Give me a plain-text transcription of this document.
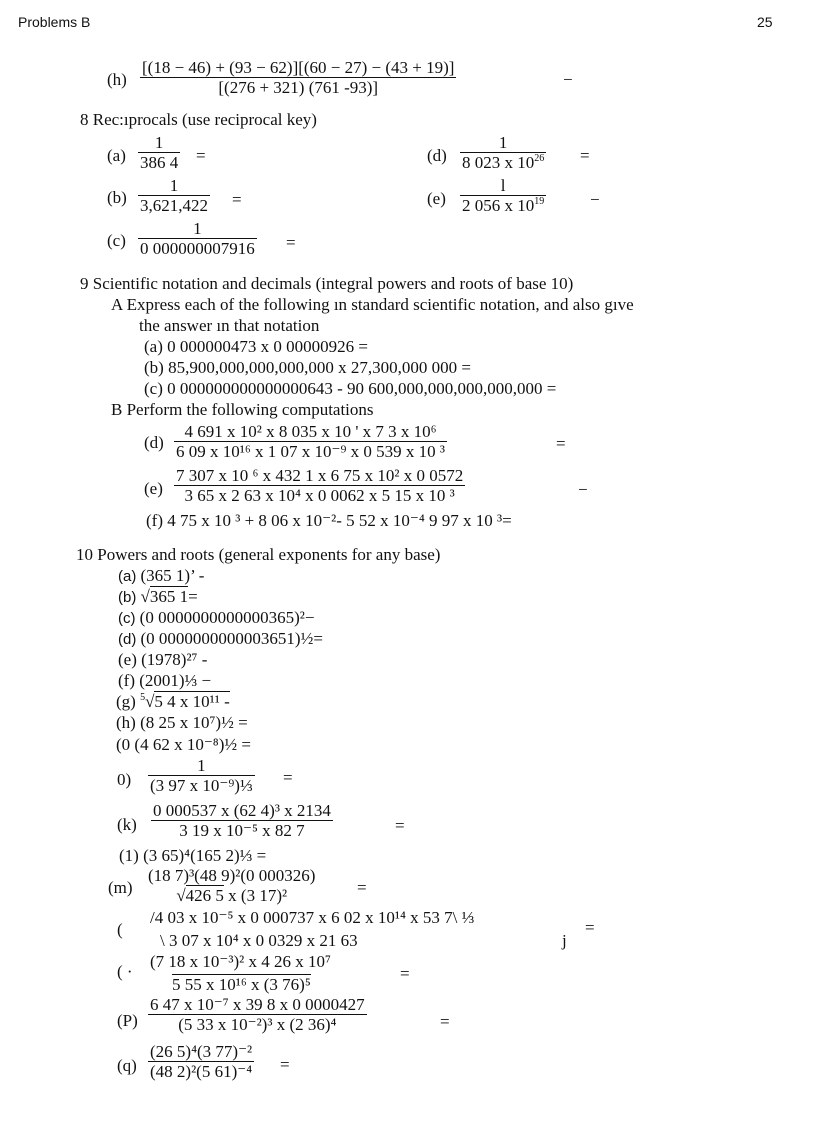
Problems B	25
(h)
[(18 − 46) + (93 − 62)][(60 − 27) − (43 + 19)]
[(276 + 321) (761 -93)]	−
8 Rec:ıprocals (use reciprocal key)
(a)
1
386 4 =
(b)
1
3,621,422 =
(c)
1
0 000000007916 =
(d)
1
8 023 x $10^{26}$ =
(e)
l
2 056 x $10^{19}$	−
9 Scientific notation and decimals (integral powers and roots of base 10)
A Express each of the following ın standard scientific notation, and also gıve
the answer ın that notation
(a) 0 000000473 x 0 00000926 =
(b) 85,900,000,000,000,000 x 27,300,000 000 =
(c) 0 000000000000000643 - 90 600,000,000,000,000,000 =
B Perform the following computations
(d)
4 691 x 10² x 8 035 x 10 ' x 7 3 x 10⁶
6 09 x 10¹⁶ x 1 07 x 10⁻⁹ x 0 539 x 10 ³	=
(e)
7 307 x 10 ⁶ x 432 1 x 6 75 x 10² x 0 0572
3 65 x 2 63 x 10⁴ x 0 0062 x 5 15 x 10 ³	−
(f) 4 75 x 10 ³ + 8 06 x 10⁻²- 5 52 x 10⁻⁴ 9 97 x 10 ³=
10 Powers and roots (general exponents for any base)
(a) (365 1)’ -
(b) √365 1=
(c) (0 0000000000000365)²−
(d) (0 0000000000003651)½=
(e) (1978)²⁷ -
(f) (2001)⅓ −
(g) $^5$√5 4 x 10¹¹ -
(h) (8 25 x 10⁷)½ =
(0 (4 62 x 10⁻⁸)½ =
0)
1
(3 97 x 10⁻⁹)⅓ =
(k)
0 000537 x (62 4)³ x 2134
3 19 x 10⁻⁵ x 82 7	=
(1) (3 65)⁴(165 2)⅓ =
(m)
(18 7)³(48 9)²(0 000326)
√426 5 x (3 17)²	=
(
/4 03 x 10⁻⁵ x 0 000737 x 6 02 x 10¹⁴ x 53 7\ ⅓
\ 3 07 x 10⁴ x 0 0329 x 21 63	j
=
( ·
(7 18 x 10⁻³)² x 4 26 x 10⁷
5 55 x 10¹⁶ x (3 76)⁵
=
(P)
6 47 x 10⁻⁷ x 39 8 x 0 0000427
(5 33 x 10⁻²)³ x (2 36)⁴	=
(q)
(26 5)⁴(3 77)⁻²
(48 2)²(5 61)⁻⁴ =
